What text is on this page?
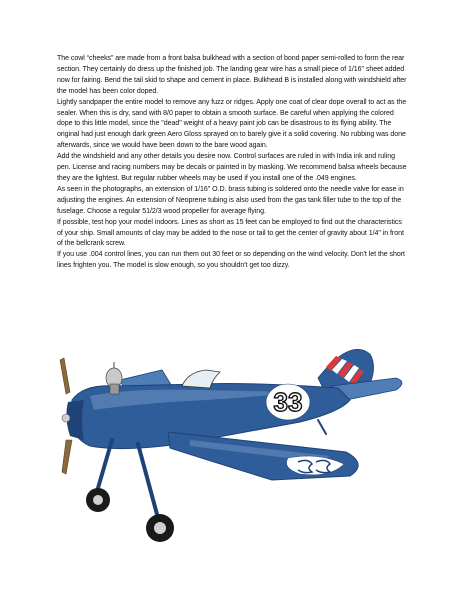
The cowl “cheeks” are made from a front balsa bulkhead with a section of bond paper semi-rolled to form the rear section. They certainly do dress up the finished job. The landing gear wire has a small piece of 1/16" sheet added now for fairing. Bend the tail skid to shape and cement in place. Bulkhead B is installed along with windshield after the model has been color doped.

Lightly sandpaper the entire model to remove any fuzz or ridges. Apply one coat of clear dope overall to act as the sealer. When this is dry, sand with 8/0 paper to obtain a smooth surface. Be careful when applying the colored dope to this little model, since the "dead" weight of a heavy paint job can be disastrous to its flying ability. The original had just enough dark green Aero Gloss sprayed on to barely give it a solid covering. No rubbing was done afterwards, since we would have been down to the bare wood again.

Add the windshield and any other details you desire now. Control surfaces are ruled in with India ink and ruling pen. License and racing numbers may be decals or painted in by masking. We recommend balsa wheels because they are the lightest. But regular rubber wheels may be used if you install one of the .049 engines.

As seen in the photographs, an extension of 1/16" O.D. brass tubing is soldered onto the needle valve for ease in adjusting the engines. An extension of Neoprene tubing is also used from the gas tank filler tube to the top of the fuselage. Choose a regular 51/2/3 wood propeller for average flying.

If possible, test hop your model indoors. Lines as short as 15 feet can be employed to find out the characteristics of your ship. Small amounts of clay may be added to the nose or tail to get the center of gravity about 1/4" in front of the bellcrank screw.

If you use .004 control lines, you can run them out 30 feet or so depending on the wind velocity. Don't let the short lines frighten you. The model is slow enough, so you shouldn't get too dizzy.

33
